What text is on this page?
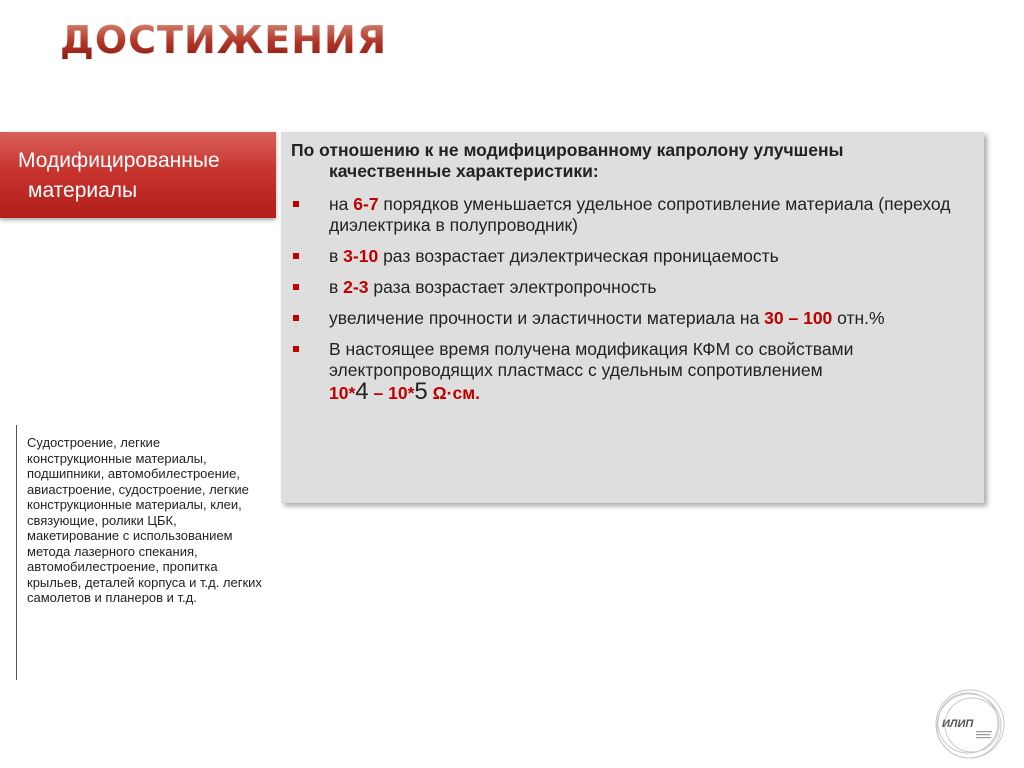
ДОСТИЖЕНИЯ
Модифицированные
материалы

По отношению к не модифицированному капролону улучшены
качественные характеристики:

на 6-7 порядков уменьшается удельное сопротивление материала (переход диэлектрика в полупроводник)
в 3-10 раз возрастает диэлектрическая проницаемость
в 2-3 раза возрастает электропрочность
увеличение прочности и эластичности материала на 30 – 100 отн.%
В настоящее время получена модификация КФМ со свойствами электропроводящих пластмасс с удельным сопротивлением
10*4 – 10*5 Ω·см.
Судостроение, легкие конструкционные материалы, подшипники, автомобилестроение, авиастроение, судостроение, легкие конструкционные материалы, клеи, связующие, ролики ЦБК, макетирование с использованием метода лазерного спекания, автомобилестроение, пропитка крыльев, деталей корпуса и т.д. легких самолетов и планеров и т.д.
ИЛИП
